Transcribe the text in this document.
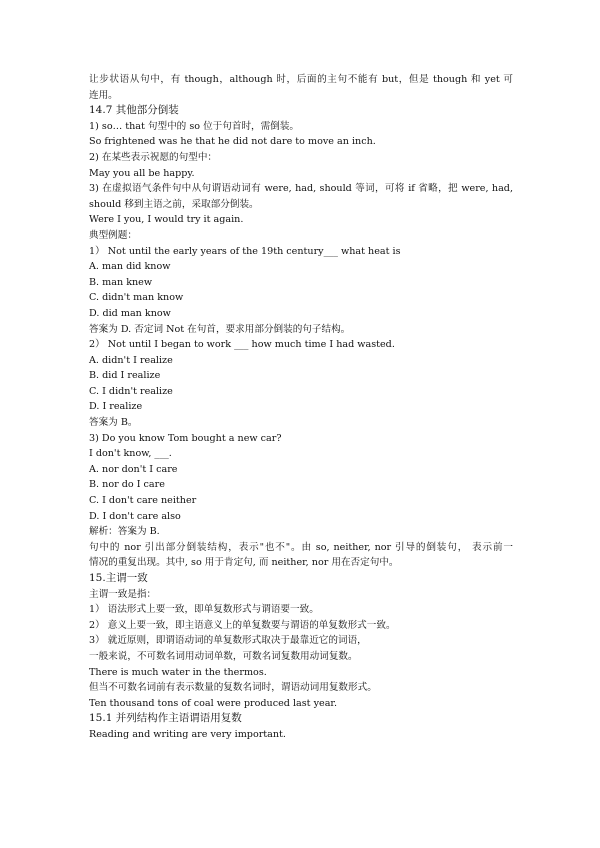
让步状语从句中，有 though，although 时，后面的主句不能有 but，但是 though 和 yet 可
连用。
14.7 其他部分倒装
1) so… that 句型中的 so 位于句首时，需倒装。
So frightened was he that he did not dare to move an inch.
2) 在某些表示祝愿的句型中：
May you all be happy.
3) 在虚拟语气条件句中从句谓语动词有 were, had, should 等词，可将 if 省略，把 were, had,
should 移到主语之前，采取部分倒装。
Were I you, I would try it again.
典型例题：
1） Not until the early years of the 19th century___ what heat is
A. man did know
B. man knew
C. didn't man know
D. did man know
答案为 D. 否定词 Not 在句首，要求用部分倒装的句子结构。
2） Not until I began to work ___ how much time I had wasted.
A. didn't I realize
B. did I realize
C. I didn't realize
D. I realize
答案为 B。
3) Do you know Tom bought a new car?
I don't know, ___.
A. nor don't I care
B. nor do I care
C. I don't care neither
D. I don't care also
解析：答案为 B.
句中的 nor 引出部分倒装结构，表示"也不"。由 so, neither, nor 引导的倒装句， 表示前一
情况的重复出现。其中, so 用于肯定句, 而 neither, nor 用在否定句中。
15.主谓一致
主谓一致是指：
1） 语法形式上要一致，即单复数形式与谓语要一致。
2） 意义上要一致，即主语意义上的单复数要与谓语的单复数形式一致。
3） 就近原则，即谓语动词的单复数形式取决于最靠近它的词语，
一般来说，不可数名词用动词单数，可数名词复数用动词复数。
There is much water in the thermos.
但当不可数名词前有表示数量的复数名词时，谓语动词用复数形式。
Ten thousand tons of coal were produced last year.
15.1 并列结构作主语谓语用复数
Reading and writing are very important.
